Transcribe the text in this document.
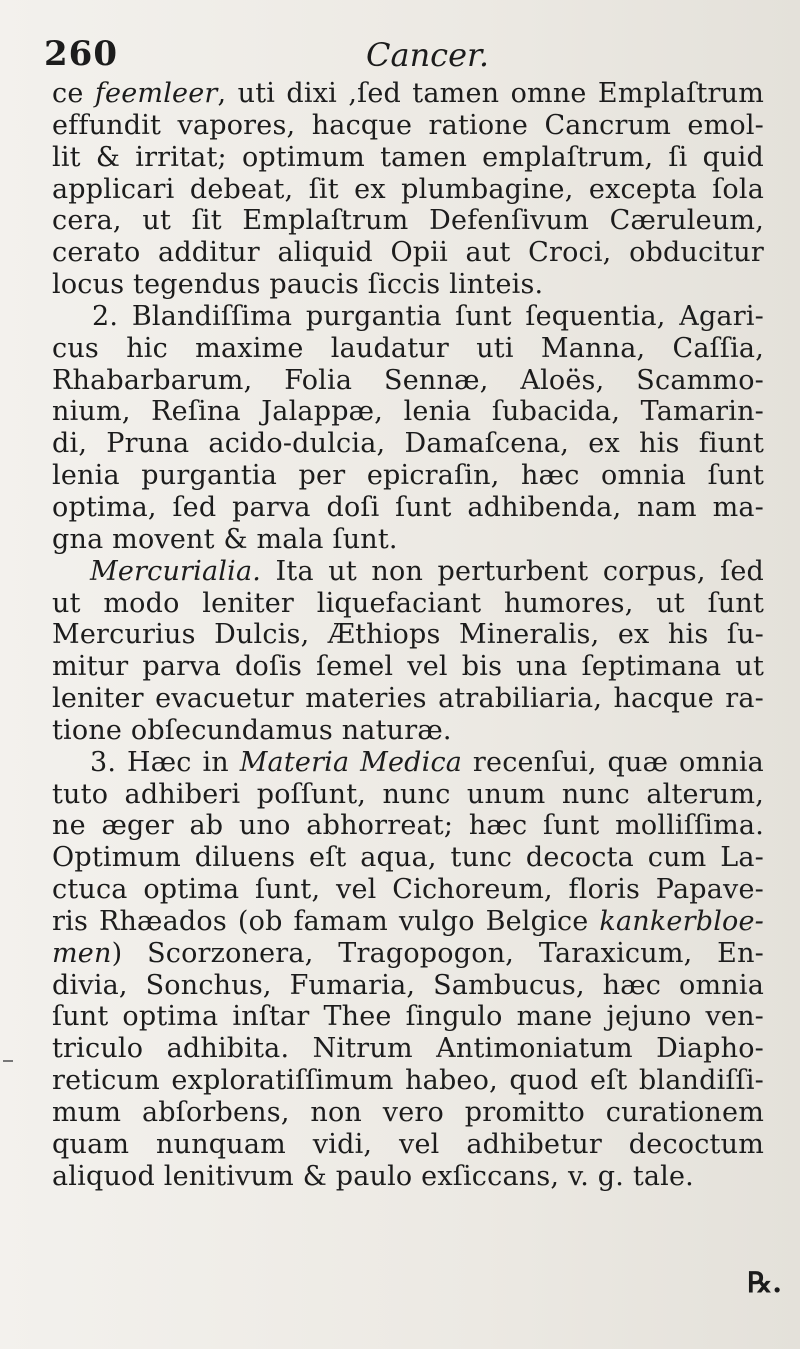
260	Cancer.
ce feemleer, uti dixi ,ſed tamen omne Emplaſtrum
effundit vapores, hacque ratione Cancrum emol-
lit & irritat; optimum tamen emplaſtrum, ſi quid
applicari debeat, ſit ex plumbagine, excepta ſola
cera, ut ſit Emplaſtrum Defenſivum Cæruleum,
cerato additur aliquid Opii aut Croci, obducitur
locus tegendus paucis ſiccis linteis.
2. Blandiſſima purgantia ſunt ſequentia, Agari-
cus hic maxime laudatur uti Manna, Caſſia,
Rhabarbarum, Folia Sennæ, Aloës, Scammo-
nium, Reſina Jalappæ, lenia ſubacida, Tamarin-
di, Pruna acido-dulcia, Damaſcena, ex his fiunt
lenia purgantia per epicraſin, hæc omnia ſunt
optima, ſed parva doſi ſunt adhibenda, nam ma-
gna movent & mala ſunt.
Mercurialia. Ita ut non perturbent corpus, ſed
ut modo leniter liquefaciant humores, ut ſunt
Mercurius Dulcis, Æthiops Mineralis, ex his ſu-
mitur parva doſis ſemel vel bis una ſeptimana ut
leniter evacuetur materies atrabiliaria, hacque ra-
tione obſecundamus naturæ.
3. Hæc in Materia Medica recenſui, quæ omnia
tuto adhiberi poſſunt, nunc unum nunc alterum,
ne æger ab uno abhorreat; hæc ſunt molliſſima.
Optimum diluens eſt aqua, tunc decocta cum La-
ctuca optima ſunt, vel Cichoreum, floris Papave-
ris Rhæados (ob famam vulgo Belgice kankerbloe-
men) Scorzonera, Tragopogon, Taraxicum, En-
divia, Sonchus, Fumaria, Sambucus, hæc omnia
ſunt optima inſtar Thee ſingulo mane jejuno ven-
triculo adhibita. Nitrum Antimoniatum Diapho-
reticum exploratiſſimum habeo, quod eſt blandiſſi-
mum abſorbens, non vero promitto curationem
quam nunquam vidi, vel adhibetur decoctum
aliquod lenitivum & paulo exſiccans, v. g. tale.
℞.
